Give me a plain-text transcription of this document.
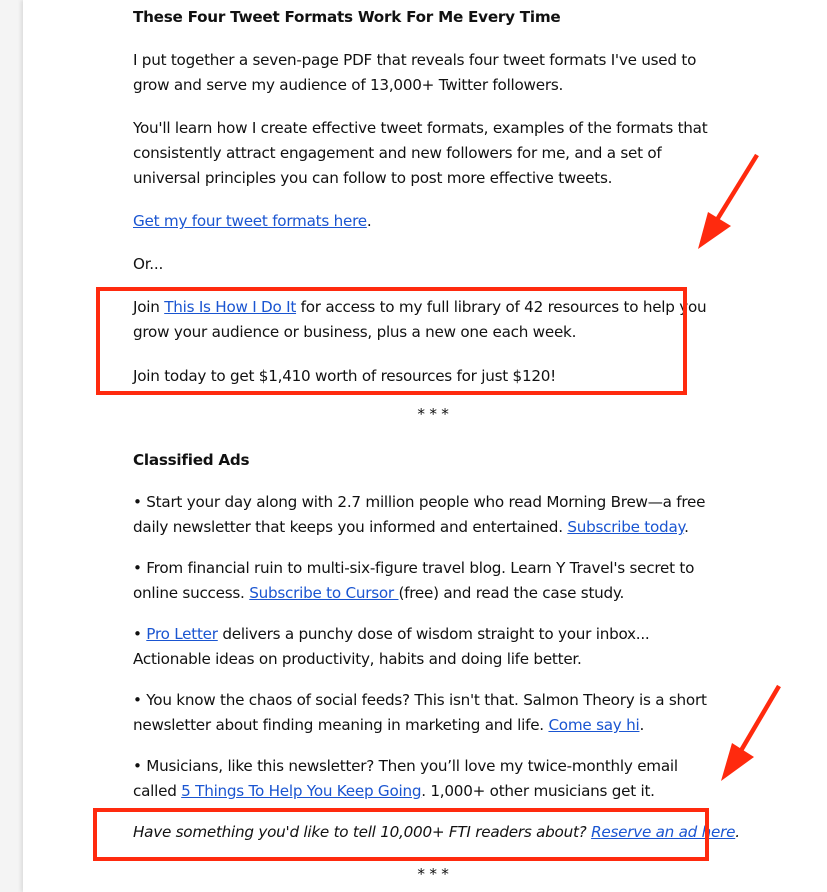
These Four Tweet Formats Work For Me Every Time

I put together a seven-page PDF that reveals four tweet formats I've used to grow and serve my audience of 13,000+ Twitter followers.

You'll learn how I create effective tweet formats, examples of the formats that consistently attract engagement and new followers for me, and a set of universal principles you can follow to post more effective tweets.

Get my four tweet formats here.

Or...

Join This Is How I Do It for access to my full library of 42 resources to help you grow your audience or business, plus a new one each week.

Join today to get $1,410 worth of resources for just $120!

* * *

Classified Ads

• Start your day along with 2.7 million people who read Morning Brew—a free daily newsletter that keeps you informed and entertained. Subscribe today.

• From financial ruin to multi-six-figure travel blog. Learn Y Travel's secret to online success. Subscribe to Cursor (free) and read the case study.

• Pro Letter delivers a punchy dose of wisdom straight to your inbox... Actionable ideas on productivity, habits and doing life better.

• You know the chaos of social feeds? This isn't that. Salmon Theory is a short newsletter about finding meaning in marketing and life. Come say hi.

• Musicians, like this newsletter? Then you’ll love my twice-monthly email called 5 Things To Help You Keep Going. 1,000+ other musicians get it.

Have something you'd like to tell 10,000+ FTI readers about? Reserve an ad here.

* * *
